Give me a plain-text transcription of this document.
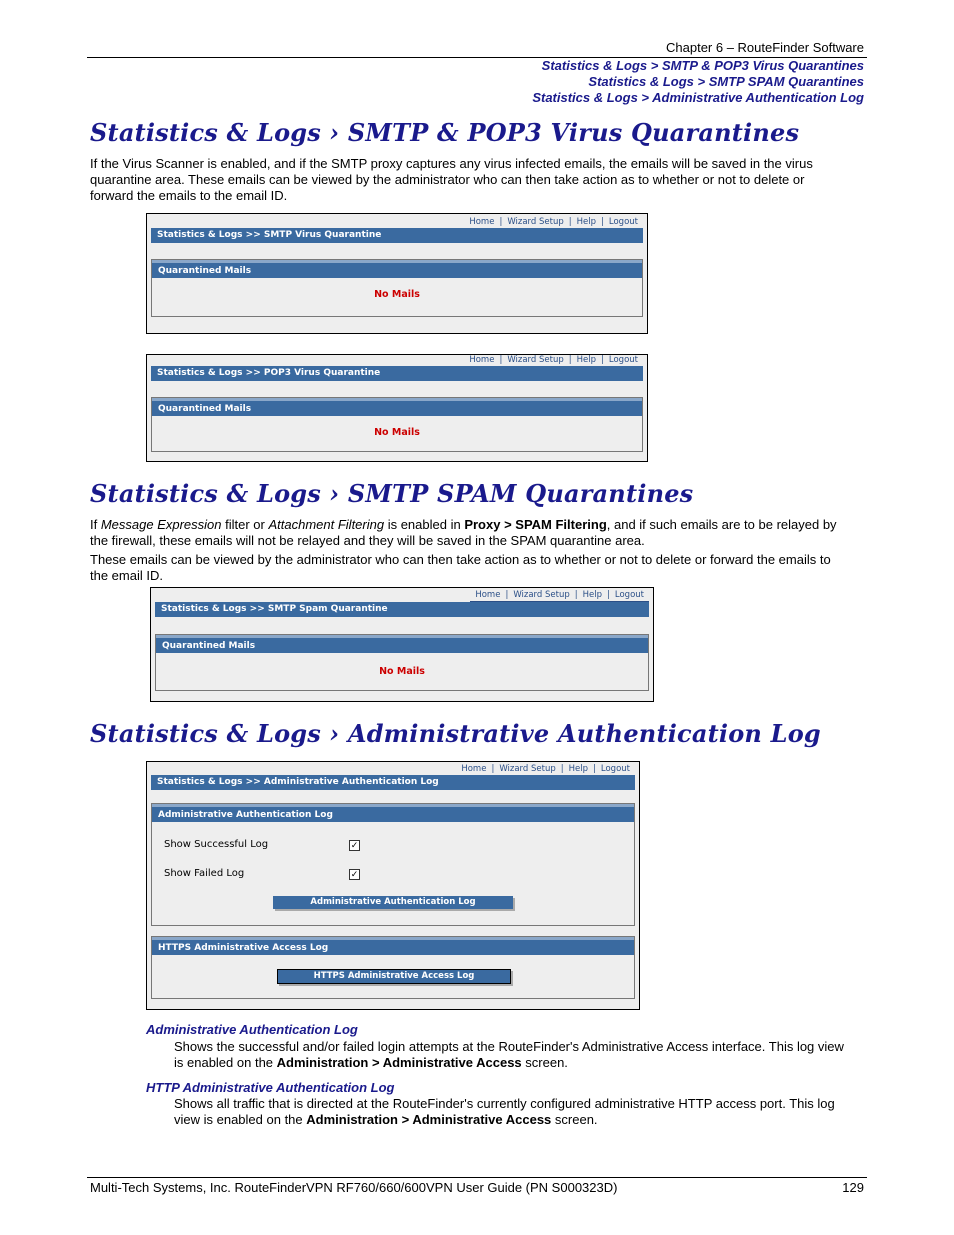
Chapter 6 – RouteFinder Software
Statistics & Logs > SMTP & POP3 Virus Quarantines
Statistics & Logs > SMTP SPAM Quarantines
Statistics & Logs > Administrative Authentication Log
Statistics & Logs › SMTP & POP3 Virus Quarantines

If the Virus Scanner is enabled, and if the SMTP proxy captures any virus infected emails, the emails will be saved in the virus quarantine area. These emails can be viewed by the administrator who can then take action as to whether or not to delete or forward the emails to the email ID.

Home | Wizard Setup | Help | Logout
Statistics & Logs >> SMTP Virus Quarantine
Quarantined Mails
No Mails
Home | Wizard Setup | Help | Logout
Statistics & Logs >> POP3 Virus Quarantine
Quarantined Mails
No Mails
Statistics & Logs › SMTP SPAM Quarantines

If Message Expression filter or Attachment Filtering is enabled in Proxy > SPAM Filtering, and if such emails are to be relayed by the firewall, these emails will not be relayed and they will be saved in the SPAM quarantine area.

These emails can be viewed by the administrator who can then take action as to whether or not to delete or forward the emails to the email ID.

Home | Wizard Setup | Help | Logout
Statistics & Logs >> SMTP Spam Quarantine
Quarantined Mails
No Mails
Statistics & Logs › Administrative Authentication Log
Home | Wizard Setup | Help | Logout
Statistics & Logs >> Administrative Authentication Log
Administrative Authentication Log
Show Successful Log	✓
Show Failed Log	✓
Administrative Authentication Log
HTTPS Administrative Access Log
HTTPS Administrative Access Log
Administrative Authentication Log

Shows the successful and/or failed login attempts at the RouteFinder's Administrative Access interface. This log view is enabled on the Administration > Administrative Access screen.

HTTP Administrative Authentication Log

Shows all traffic that is directed at the RouteFinder's currently configured administrative HTTP access port. This log view is enabled on the Administration > Administrative Access screen.

Multi-Tech Systems, Inc. RouteFinderVPN RF760/660/600VPN User Guide (PN S000323D)	129
